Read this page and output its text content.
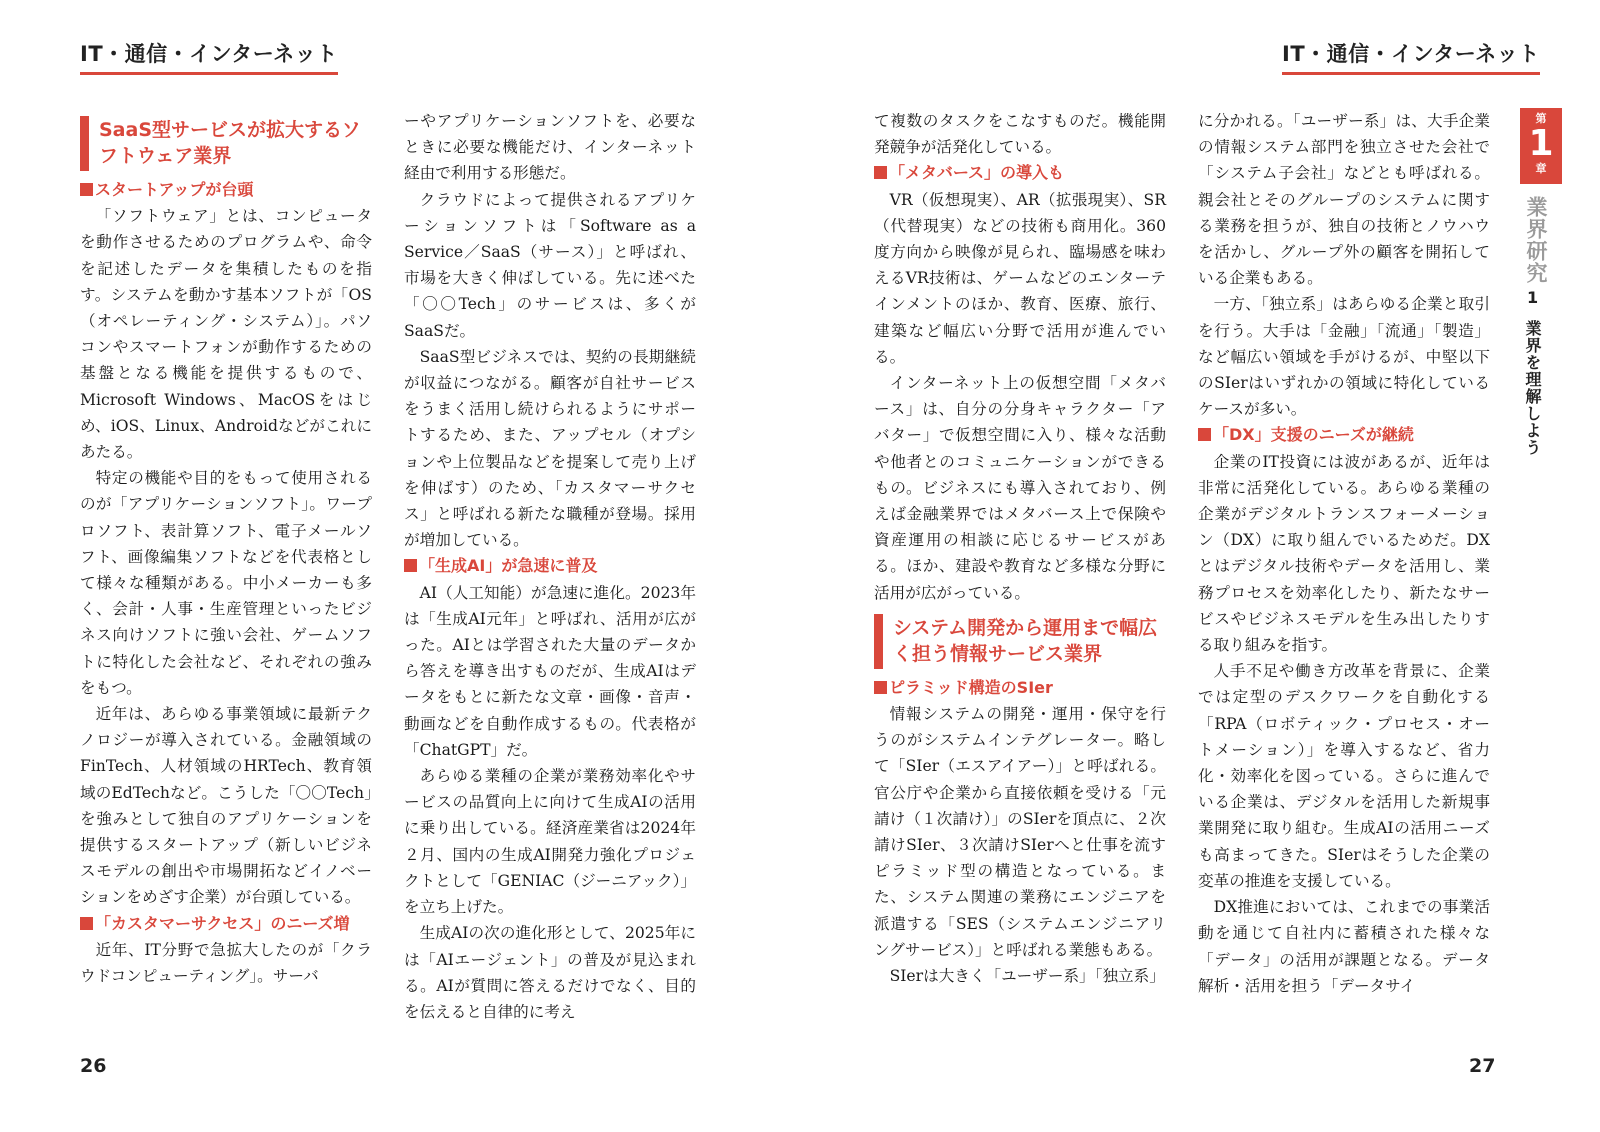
IT・通信・インターネット
SaaS型サービスが拡大するソフトウェア業界
スタートアップが台頭

「ソフトウェア」とは、コンピュータを動作させるためのプログラムや、命令を記述したデータを集積したものを指す。システムを動かす基本ソフトが「OS（オペレーティング・システム）」。パソコンやスマートフォンが動作するための基盤となる機能を提供するもので、Microsoft Windows、MacOSをはじめ、iOS、Linux、Androidなどがこれにあたる。

特定の機能や目的をもって使用されるのが「アプリケーションソフト」。ワープロソフト、表計算ソフト、電子メールソフト、画像編集ソフトなどを代表格として様々な種類がある。中小メーカーも多く、会計・人事・生産管理といったビジネス向けソフトに強い会社、ゲームソフトに特化した会社など、それぞれの強みをもつ。

近年は、あらゆる事業領域に最新テクノロジーが導入されている。金融領域のFinTech、人材領域のHRTech、教育領域のEdTechなど。こうした「〇〇Tech」を強みとして独自のアプリケーションを提供するスタートアップ（新しいビジネスモデルの創出や市場開拓などイノベーションをめざす企業）が台頭している。

「カスタマーサクセス」のニーズ増

近年、IT分野で急拡大したのが「クラウドコンピューティング」。サーバ

ーやアプリケーションソフトを、必要なときに必要な機能だけ、インターネット経由で利用する形態だ。

クラウドによって提供されるアプリケーションソフトは「Software as a Service／SaaS（サース）」と呼ばれ、市場を大きく伸ばしている。先に述べた「〇〇Tech」のサービスは、多くがSaaSだ。

SaaS型ビジネスでは、契約の長期継続が収益につながる。顧客が自社サービスをうまく活用し続けられるようにサポートするため、また、アップセル（オプションや上位製品などを提案して売り上げを伸ばす）のため、「カスタマーサクセス」と呼ばれる新たな職種が登場。採用が増加している。

「生成AI」が急速に普及

AI（人工知能）が急速に進化。2023年は「生成AI元年」と呼ばれ、活用が広がった。AIとは学習された大量のデータから答えを導き出すものだが、生成AIはデータをもとに新たな文章・画像・音声・動画などを自動作成するもの。代表格が「ChatGPT」だ。

あらゆる業種の企業が業務効率化やサービスの品質向上に向けて生成AIの活用に乗り出している。経済産業省は2024年２月、国内の生成AI開発力強化プロジェクトとして「GENIAC（ジーニアック）」を立ち上げた。

生成AIの次の進化形として、2025年には「AIエージェント」の普及が見込まれる。AIが質問に答えるだけでなく、目的を伝えると自律的に考え

26
IT・通信・インターネット

て複数のタスクをこなすものだ。機能開発競争が活発化している。

「メタバース」の導入も

VR（仮想現実）、AR（拡張現実）、SR（代替現実）などの技術も商用化。360度方向から映像が見られ、臨場感を味わえるVR技術は、ゲームなどのエンターテインメントのほか、教育、医療、旅行、建築など幅広い分野で活用が進んでいる。

インターネット上の仮想空間「メタバース」は、自分の分身キャラクター「アバター」で仮想空間に入り、様々な活動や他者とのコミュニケーションができるもの。ビジネスにも導入されており、例えば金融業界ではメタバース上で保険や資産運用の相談に応じるサービスがある。ほか、建設や教育など多様な分野に活用が広がっている。

システム開発から運用まで幅広く担う情報サービス業界
ピラミッド構造のSIer

情報システムの開発・運用・保守を行うのがシステムインテグレーター。略して「SIer（エスアイアー）」と呼ばれる。官公庁や企業から直接依頼を受ける「元請け（１次請け）」のSIerを頂点に、２次請けSIer、３次請けSIerへと仕事を流すピラミッド型の構造となっている。また、システム関連の業務にエンジニアを派遣する「SES（システムエンジニアリングサービス）」と呼ばれる業態もある。

SIerは大きく「ユーザー系」「独立系」

に分かれる。「ユーザー系」は、大手企業の情報システム部門を独立させた会社で「システム子会社」などとも呼ばれる。親会社とそのグループのシステムに関する業務を担うが、独自の技術とノウハウを活かし、グループ外の顧客を開拓している企業もある。

一方、「独立系」はあらゆる企業と取引を行う。大手は「金融」「流通」「製造」など幅広い領域を手がけるが、中堅以下のSIerはいずれかの領域に特化しているケースが多い。

「DX」支援のニーズが継続

企業のIT投資には波があるが、近年は非常に活発化している。あらゆる業種の企業がデジタルトランスフォーメーション（DX）に取り組んでいるためだ。DXとはデジタル技術やデータを活用し、業務プロセスを効率化したり、新たなサービスやビジネスモデルを生み出したりする取り組みを指す。

人手不足や働き方改革を背景に、企業では定型のデスクワークを自動化する「RPA（ロボティック・プロセス・オートメーション）」を導入するなど、省力化・効率化を図っている。さらに進んでいる企業は、デジタルを活用した新規事業開発に取り組む。生成AIの活用ニーズも高まってきた。SIerはそうした企業の変革の推進を支援している。

DX推進においては、これまでの事業活動を通じて自社内に蓄積された様々な「データ」の活用が課題となる。データ解析・活用を担う「データサイ

第
1
章
業界研究
1
業界を理解しよう
27
